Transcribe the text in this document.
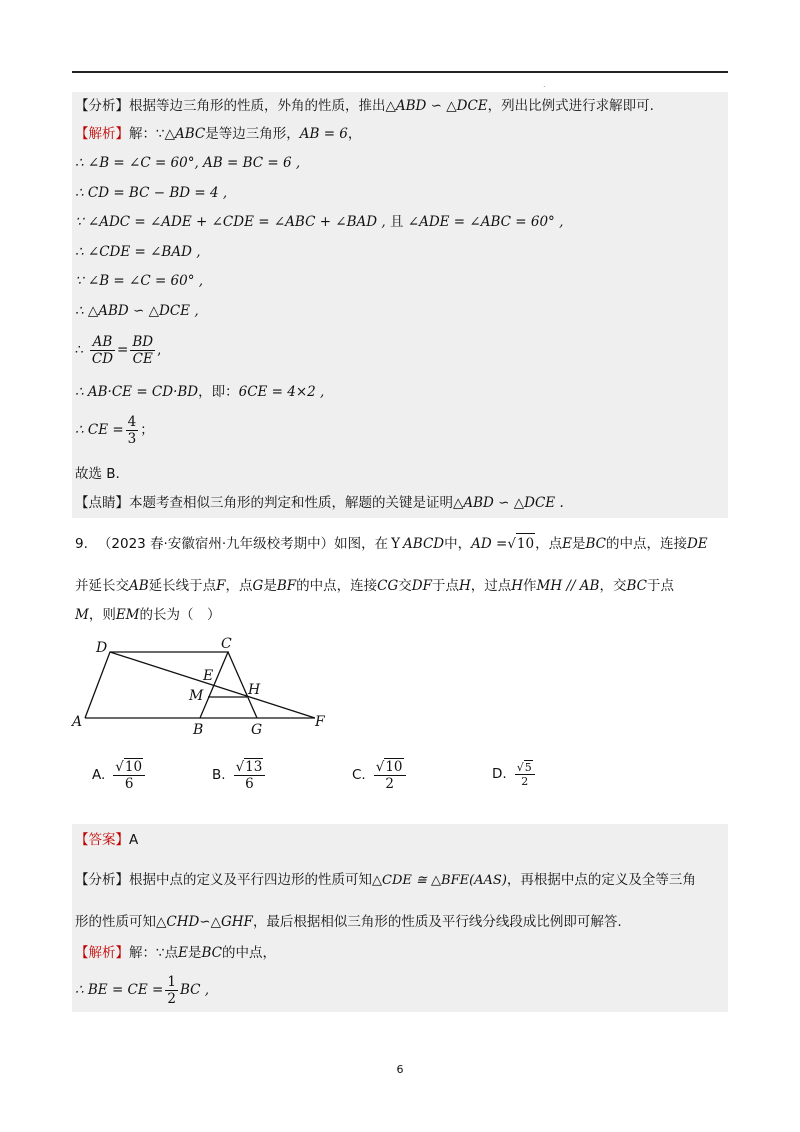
.
【分析】根据等边三角形的性质，外角的性质，推出△ABD ∽ △DCE，列出比例式进行求解即可.
【解析】解：∵△ABC是等边三角形，AB = 6，
∴ ∠B = ∠C = 60°, AB = BC = 6 ,
∴ CD = BC − BD = 4 ,
∵ ∠ADC = ∠ADE + ∠CDE = ∠ABC + ∠BAD , 且 ∠ADE = ∠ABC = 60° ,
∴ ∠CDE = ∠BAD ,
∵ ∠B = ∠C = 60° ,
∴ △ABD ∽ △DCE ,
∴ $\frac{AB}{CD} = \frac{BD}{CE}$ ,
∴ AB·CE = CD·BD，即：6CE = 4×2 ,
∴ CE = $\frac{4}{3}$ ；
故选 B.
【点睛】本题考查相似三角形的判定和性质，解题的关键是证明△ABD ∽ △DCE .
9. （2023 春·安徽宿州·九年级校考期中）如图，在 Y ABCD中，AD =√10，点E是BC的中点，连接DE
并延长交AB延长线于点F，点G是BF的中点，连接CG交DF于点H，过点H作MH // AB，交BC于点
M，则EM的长为（　）
D	C
E
M	H
A	B	G	F
A. $\frac{√10}{6}$	B. $\frac{√13}{6}$	C. $\frac{√10}{2}$	D. $\frac{√5}{2}$
【答案】A
【分析】根据中点的定义及平行四边形的性质可知△CDE ≅ △BFE(AAS)，再根据中点的定义及全等三角
形的性质可知△CHD∽△GHF，最后根据相似三角形的性质及平行线分线段成比例即可解答.
【解析】解：∵点E是BC的中点，
∴ BE = CE = $\frac{1}{2}$ BC ,
6
